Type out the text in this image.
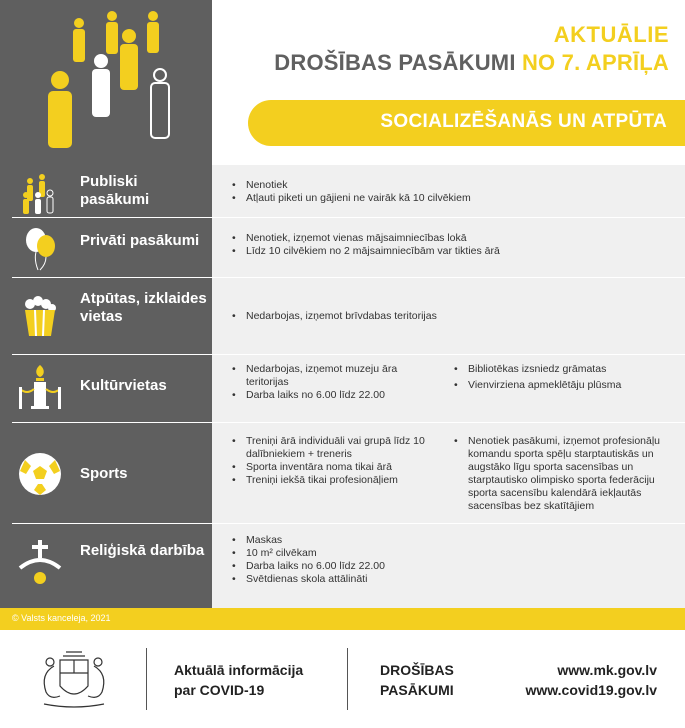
AKTUĀLIE
DROŠĪBAS PASĀKUMI NO 7. APRĪĻA
SOCIALIZĒŠANĀS UN ATPŪTA
Publiski pasākumi
• Nenotiek
• Atļauti piketi un gājieni ne vairāk kā 10 cilvēkiem
Privāti pasākumi	• Nenotiek, izņemot vienas mājsaimniecības lokā
• Līdz 10 cilvēkiem no 2 mājsaimniecībām var tikties ārā
Atpūtas, izklaides vietas	• Nedarbojas, izņemot brīvdabas teritorijas
Kultūrvietas
• Nedarbojas, izņemot muzeju āra teritorijas
• Darba laiks no 6.00 līdz 22.00
• Bibliotēkas izsniedz grāmatas
• Vienvirziena apmeklētāju plūsma
Sports
• Treniņi ārā individuāli vai grupā līdz 10 dalībniekiem + treneris
• Sporta inventāra noma tikai ārā
• Treniņi iekšā tikai profesionāļiem
• Nenotiek pasākumi, izņemot profesionāļu komandu sporta spēļu starptautiskās un augstāko līgu sporta sacensības un starptautisko olimpisko sporta federāciju sporta sacensību kalendārā iekļautās sacensības bez skatītājiem
Reliģiskā darbība
• Maskas
• 10 m² cilvēkam
• Darba laiks no 6.00 līdz 22.00
• Svētdienas skola attālināti
© Valsts kanceleja, 2021
Aktuālā informācija par COVID-19
DROŠĪBAS PASĀKUMI
www.mk.gov.lv
www.covid19.gov.lv
